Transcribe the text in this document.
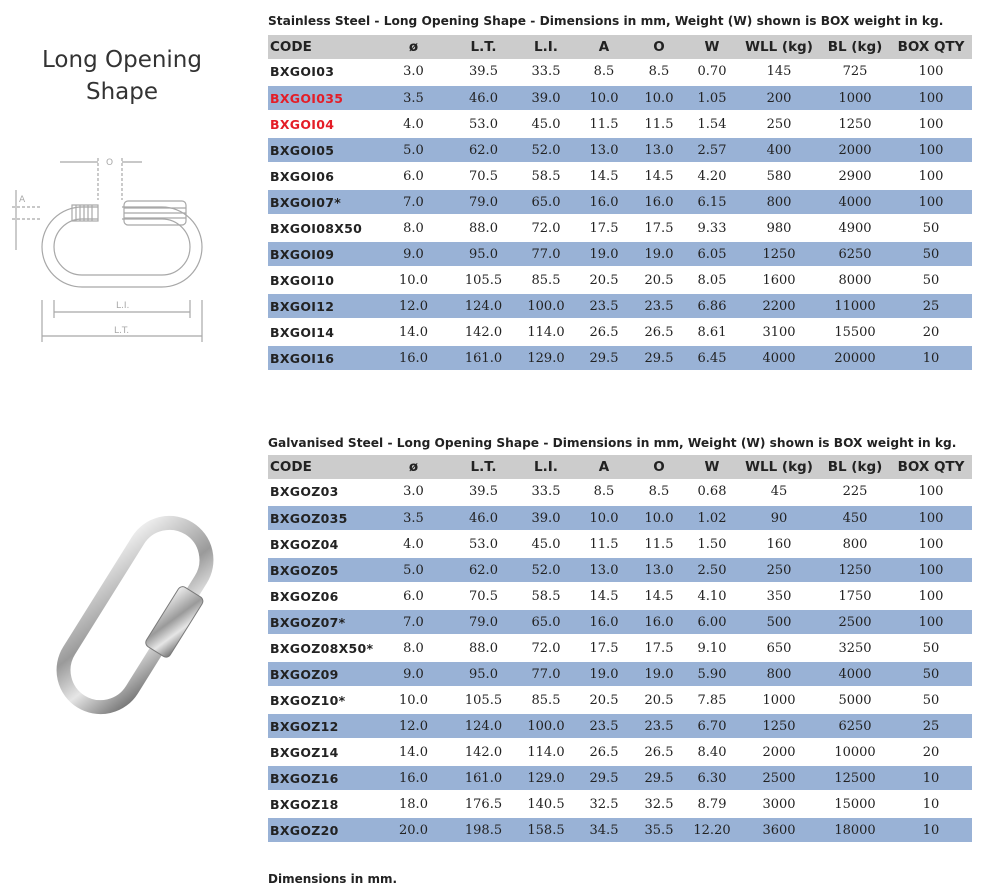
Long Opening
Shape
O
A
L.I.
L.T.
Stainless Steel - Long Opening Shape - Dimensions in mm, Weight (W) shown is BOX weight in kg.
CODE	ø	L.T.	L.I.	A	O	W	WLL (kg)	BL (kg)	BOX QTY
BXGOI03	3.0	39.5	33.5	8.5	8.5	0.70	145	725	100
BXGOI035	3.5	46.0	39.0	10.0	10.0	1.05	200	1000	100
BXGOI04	4.0	53.0	45.0	11.5	11.5	1.54	250	1250	100
BXGOI05	5.0	62.0	52.0	13.0	13.0	2.57	400	2000	100
BXGOI06	6.0	70.5	58.5	14.5	14.5	4.20	580	2900	100
BXGOI07*	7.0	79.0	65.0	16.0	16.0	6.15	800	4000	100
BXGOI08X50	8.0	88.0	72.0	17.5	17.5	9.33	980	4900	50
BXGOI09	9.0	95.0	77.0	19.0	19.0	6.05	1250	6250	50
BXGOI10	10.0	105.5	85.5	20.5	20.5	8.05	1600	8000	50
BXGOI12	12.0	124.0	100.0	23.5	23.5	6.86	2200	11000	25
BXGOI14	14.0	142.0	114.0	26.5	26.5	8.61	3100	15500	20
BXGOI16	16.0	161.0	129.0	29.5	29.5	6.45	4000	20000	10
Galvanised Steel - Long Opening Shape - Dimensions in mm, Weight (W) shown is BOX weight in kg.
CODE	ø	L.T.	L.I.	A	O	W	WLL (kg)	BL (kg)	BOX QTY
BXGOZ03	3.0	39.5	33.5	8.5	8.5	0.68	45	225	100
BXGOZ035	3.5	46.0	39.0	10.0	10.0	1.02	90	450	100
BXGOZ04	4.0	53.0	45.0	11.5	11.5	1.50	160	800	100
BXGOZ05	5.0	62.0	52.0	13.0	13.0	2.50	250	1250	100
BXGOZ06	6.0	70.5	58.5	14.5	14.5	4.10	350	1750	100
BXGOZ07*	7.0	79.0	65.0	16.0	16.0	6.00	500	2500	100
BXGOZ08X50*	8.0	88.0	72.0	17.5	17.5	9.10	650	3250	50
BXGOZ09	9.0	95.0	77.0	19.0	19.0	5.90	800	4000	50
BXGOZ10*	10.0	105.5	85.5	20.5	20.5	7.85	1000	5000	50
BXGOZ12	12.0	124.0	100.0	23.5	23.5	6.70	1250	6250	25
BXGOZ14	14.0	142.0	114.0	26.5	26.5	8.40	2000	10000	20
BXGOZ16	16.0	161.0	129.0	29.5	29.5	6.30	2500	12500	10
BXGOZ18	18.0	176.5	140.5	32.5	32.5	8.79	3000	15000	10
BXGOZ20	20.0	198.5	158.5	34.5	35.5	12.20	3600	18000	10
Dimensions in mm.
